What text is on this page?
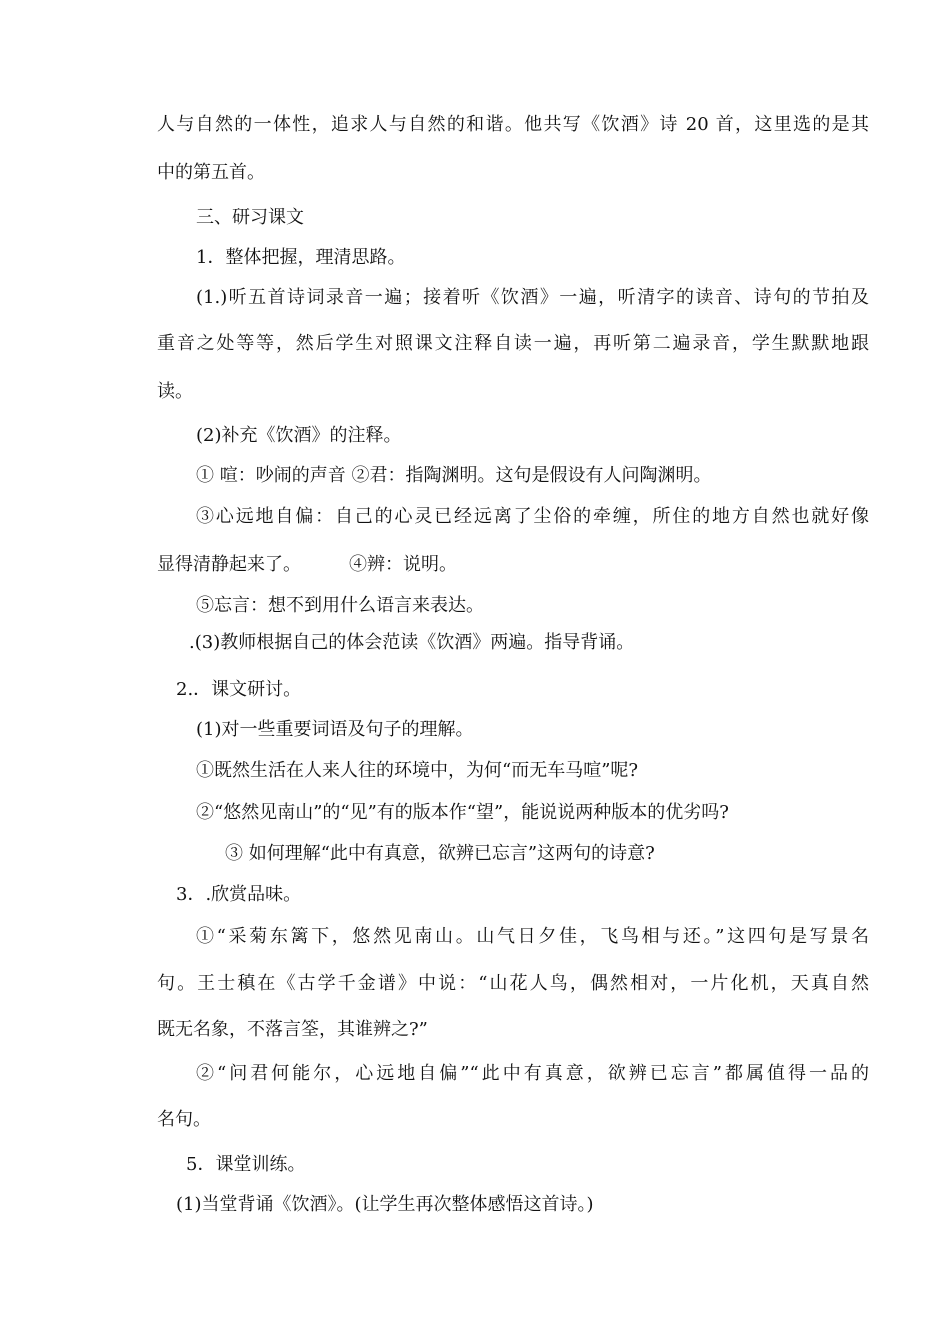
人与自然的一体性，追求人与自然的和谐。他共写《饮酒》诗 20 首，这里选的是其
中的第五首。
三、研习课文
1．整体把握，理清思路。
(1.)听五首诗词录音一遍；接着听《饮酒》一遍，听清字的读音、诗句的节拍及
重音之处等等，然后学生对照课文注释自读一遍，再听第二遍录音，学生默默地跟
读。
(2)补充《饮酒》的注释。
① 喧：吵闹的声音 ②君：指陶渊明。这句是假设有人问陶渊明。
③心远地自偏：自己的心灵已经远离了尘俗的牵缠，所住的地方自然也就好像
显得清静起来了。	④辨：说明。
⑤忘言：想不到用什么语言来表达。
.(3)教师根据自己的体会范读《饮酒》两遍。指导背诵。
2.．课文研讨。
(1)对一些重要词语及句子的理解。
①既然生活在人来人往的环境中，为何“而无车马喧”呢?
②“悠然见南山”的“见”有的版本作“望”，能说说两种版本的优劣吗?
③ 如何理解“此中有真意，欲辨已忘言”这两句的诗意?
3．.欣赏品味。
①“采菊东篱下，悠然见南山。山气日夕佳，飞鸟相与还。”这四句是写景名
句。王士稹在《古学千金谱》中说：“山花人鸟，偶然相对，一片化机，天真自然
既无名象，不落言筌，其谁辨之?”
②“问君何能尔，心远地自偏”“此中有真意，欲辨已忘言”都属值得一品的
名句。
5．课堂训练。
(1)当堂背诵《饮酒》。(让学生再次整体感悟这首诗。)
